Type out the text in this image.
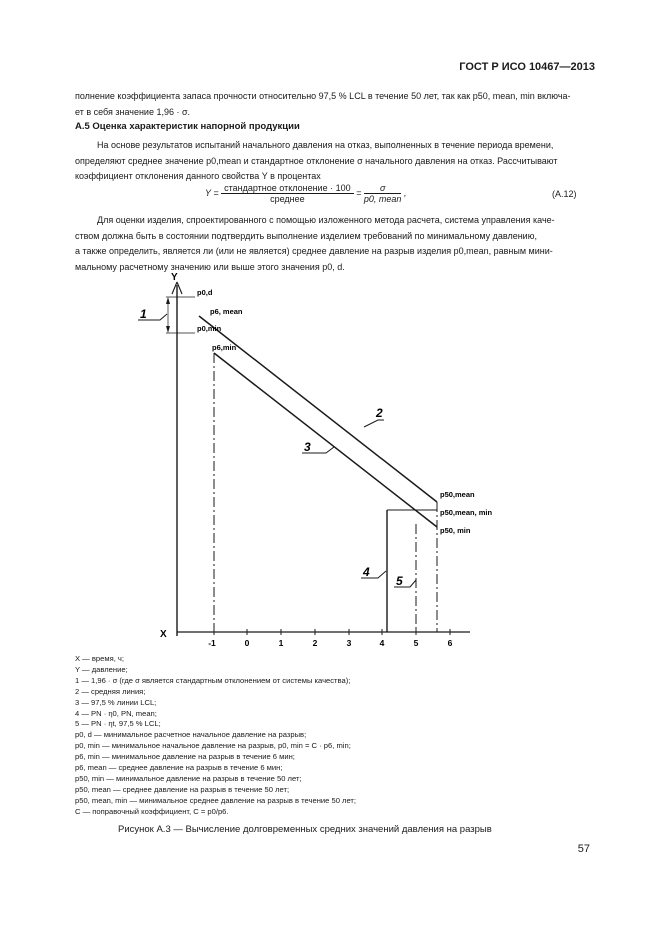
ГОСТ Р ИСО 10467—2013
полнение коэффициента запаса прочности относительно 97,5 % LCL в течение 50 лет, так как p50, mean, min включа-
ет в себя значение 1,96 · σ.
А.5 Оценка характеристик напорной продукции
На основе результатов испытаний начального давления на отказ, выполненных в течение периода времени,
определяют среднее значение p0,mean и стандартное отклонение σ начального давления на отказ. Рассчитывают
коэффициент отклонения данного свойства Y в процентах
$Y = \frac{\text{стандартное отклонение · 100}}{\text{среднее}} = \frac{\sigma}{\text{p0, mean}}$ ,	(A.12)
Для оценки изделия, спроектированного с помощью изложенного метода расчета, система управления каче-
ством должна быть в состоянии подтвердить выполнение изделием требований по минимальному давлению,
а также определить, является ли (или не является) среднее давление на разрыв изделия p0,mean, равным мини-
мальному расчетному значению или выше этого значения p0, d.
Y
X
-1	0	1	2	3	4	5	6
p0,d
p6, mean
p0,min
p6,min
p50,mean
p50,mean, min
p50, min
1
2
3
4
5
X — время, ч;
Y — давление;
1 — 1,96 · σ (где σ является стандартным отклонением от системы качества);
2 — средняя линия;
3 — 97,5 % линии LCL;
4 — PN · η0, PN, mean;
5 — PN · ηt, 97,5 % LCL;
p0, d — минимальное расчетное начальное давление на разрыв;
p0, min — минимальное начальное давление на разрыв, p0, min = C · p6, min;
p6, min — минимальное давление на разрыв в течение 6 мин;
p6, mean — среднее давление на разрыв в течение 6 мин;
p50, min — минимальное давление на разрыв в течение 50 лет;
p50, mean — среднее давление на разрыв в течение 50 лет;
p50, mean, min — минимальное среднее давление на разрыв в течение 50 лет;
C — поправочный коэффициент, C = p0/p6.
Рисунок А.3 — Вычисление долговременных средних значений давления на разрыв
57
